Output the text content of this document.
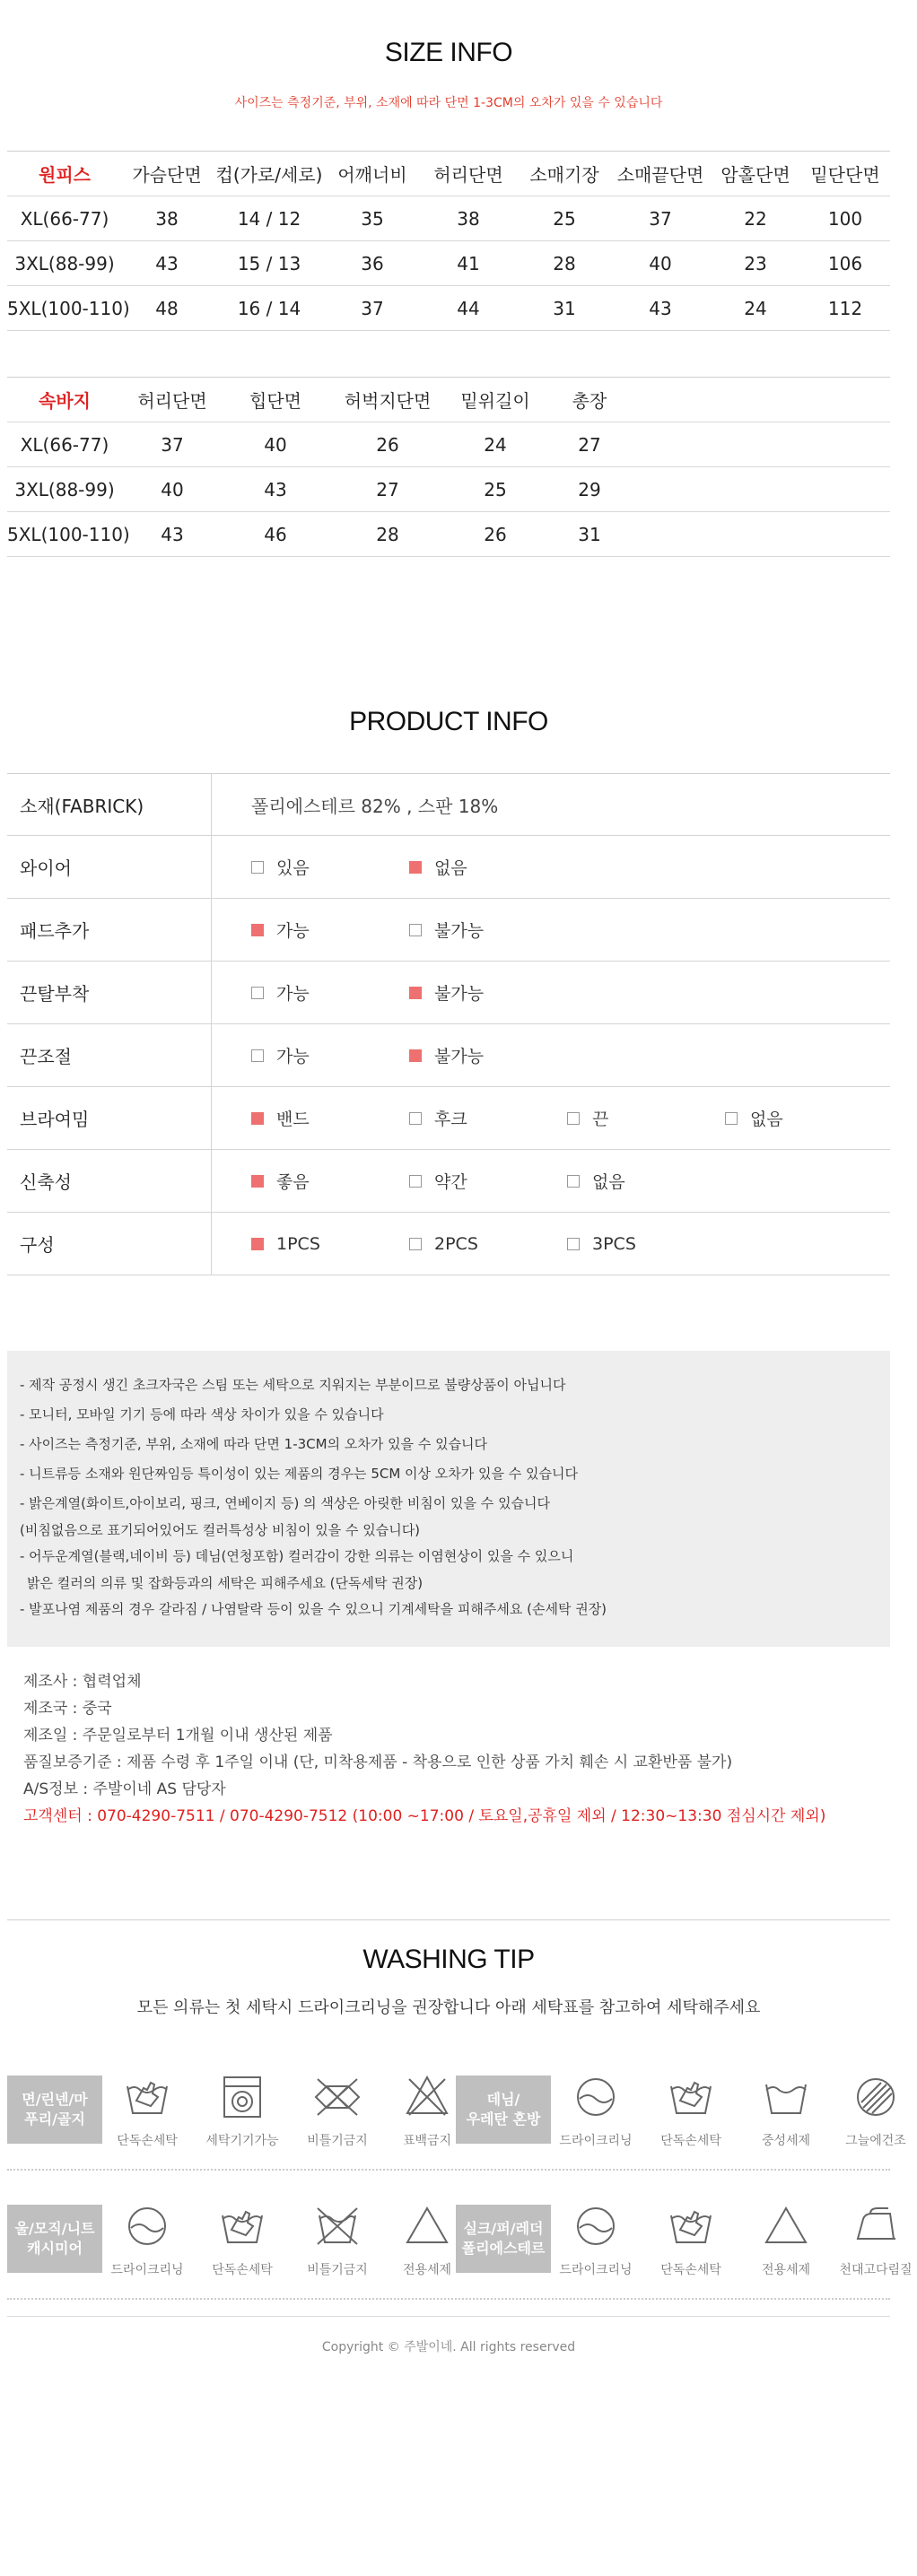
SIZE INFO
사이즈는 측정기준, 부위, 소재에 따라 단면 1-3CM의 오차가 있을 수 있습니다
원피스	가슴단면	컵(가로/세로)	어깨너비	허리단면	소매기장	소매끝단면	암홀단면	밑단단면
XL(66-77)	38	14 / 12	35	38	25	37	22	100
3XL(88-99)	43	15 / 13	36	41	28	40	23	106
5XL(100-110)	48	16 / 14	37	44	31	43	24	112
속바지	허리단면	힙단면	허벅지단면	밑위길이	총장
XL(66-77)	37	40	26	24	27
3XL(88-99)	40	43	27	25	29
5XL(100-110)	43	46	28	26	31
PRODUCT INFO
소재(FABRICK)	폴리에스테르 82% , 스판 18%
와이어	있음	없음
패드추가	가능	불가능
끈탈부착	가능	불가능
끈조절	가능	불가능
브라여밈	밴드	후크	끈	없음
신축성	좋음	약간	없음
구성	1PCS	2PCS	3PCS
- 제작 공정시 생긴 초크자국은 스팀 또는 세탁으로 지워지는 부분이므로 불량상품이 아닙니다
- 모니터, 모바일 기기 등에 따라 색상 차이가 있을 수 있습니다
- 사이즈는 측정기준, 부위, 소재에 따라 단면 1-3CM의 오차가 있을 수 있습니다
- 니트류등 소재와 원단짜임등 특이성이 있는 제품의 경우는 5CM 이상 오차가 있을 수 있습니다
- 밝은계열(화이트,아이보리, 핑크, 연베이지 등) 의 색상은 아릿한 비침이 있을 수 있습니다
(비침없음으로 표기되어있어도 컬러특성상 비침이 있을 수 있습니다)
- 어두운계열(블랙,네이비 등) 데님(연청포함) 컬러감이 강한 의류는 이염현상이 있을 수 있으니
밝은 컬러의 의류 및 잡화등과의 세탁은 피해주세요 (단독세탁 권장)
- 발포나염 제품의 경우 갈라짐 / 나염탈락 등이 있을 수 있으니 기계세탁을 피해주세요 (손세탁 권장)
제조사 : 협력업체
제조국 : 중국
제조일 : 주문일로부터 1개월 이내 생산된 제품
품질보증기준 : 제품 수령 후 1주일 이내 (단, 미착용제품 - 착용으로 인한 상품 가치 훼손 시 교환반품 불가)
A/S정보 : 주발이네 AS 담당자
고객센터 : 070-4290-7511 / 070-4290-7512 (10:00 ~17:00 / 토요일,공휴일 제외 / 12:30~13:30 점심시간 제외)
WASHING TIP
모든 의류는 첫 세탁시 드라이크리닝을 권장합니다 아래 세탁표를 참고하여 세탁해주세요
면/린넨/마
푸리/골지
단독손세탁	세탁기기가능	비틀기금지	표백금지
데님/
우레탄 혼방
드라이크리닝	단독손세탁	중성세제	그늘에건조
울/모직/니트
캐시미어
드라이크리닝	단독손세탁	비틀기금지	전용세제
실크/퍼/레더
폴리에스테르
드라이크리닝	단독손세탁	전용세제	천대고다림질
Copyright © 주발이네. All rights reserved
